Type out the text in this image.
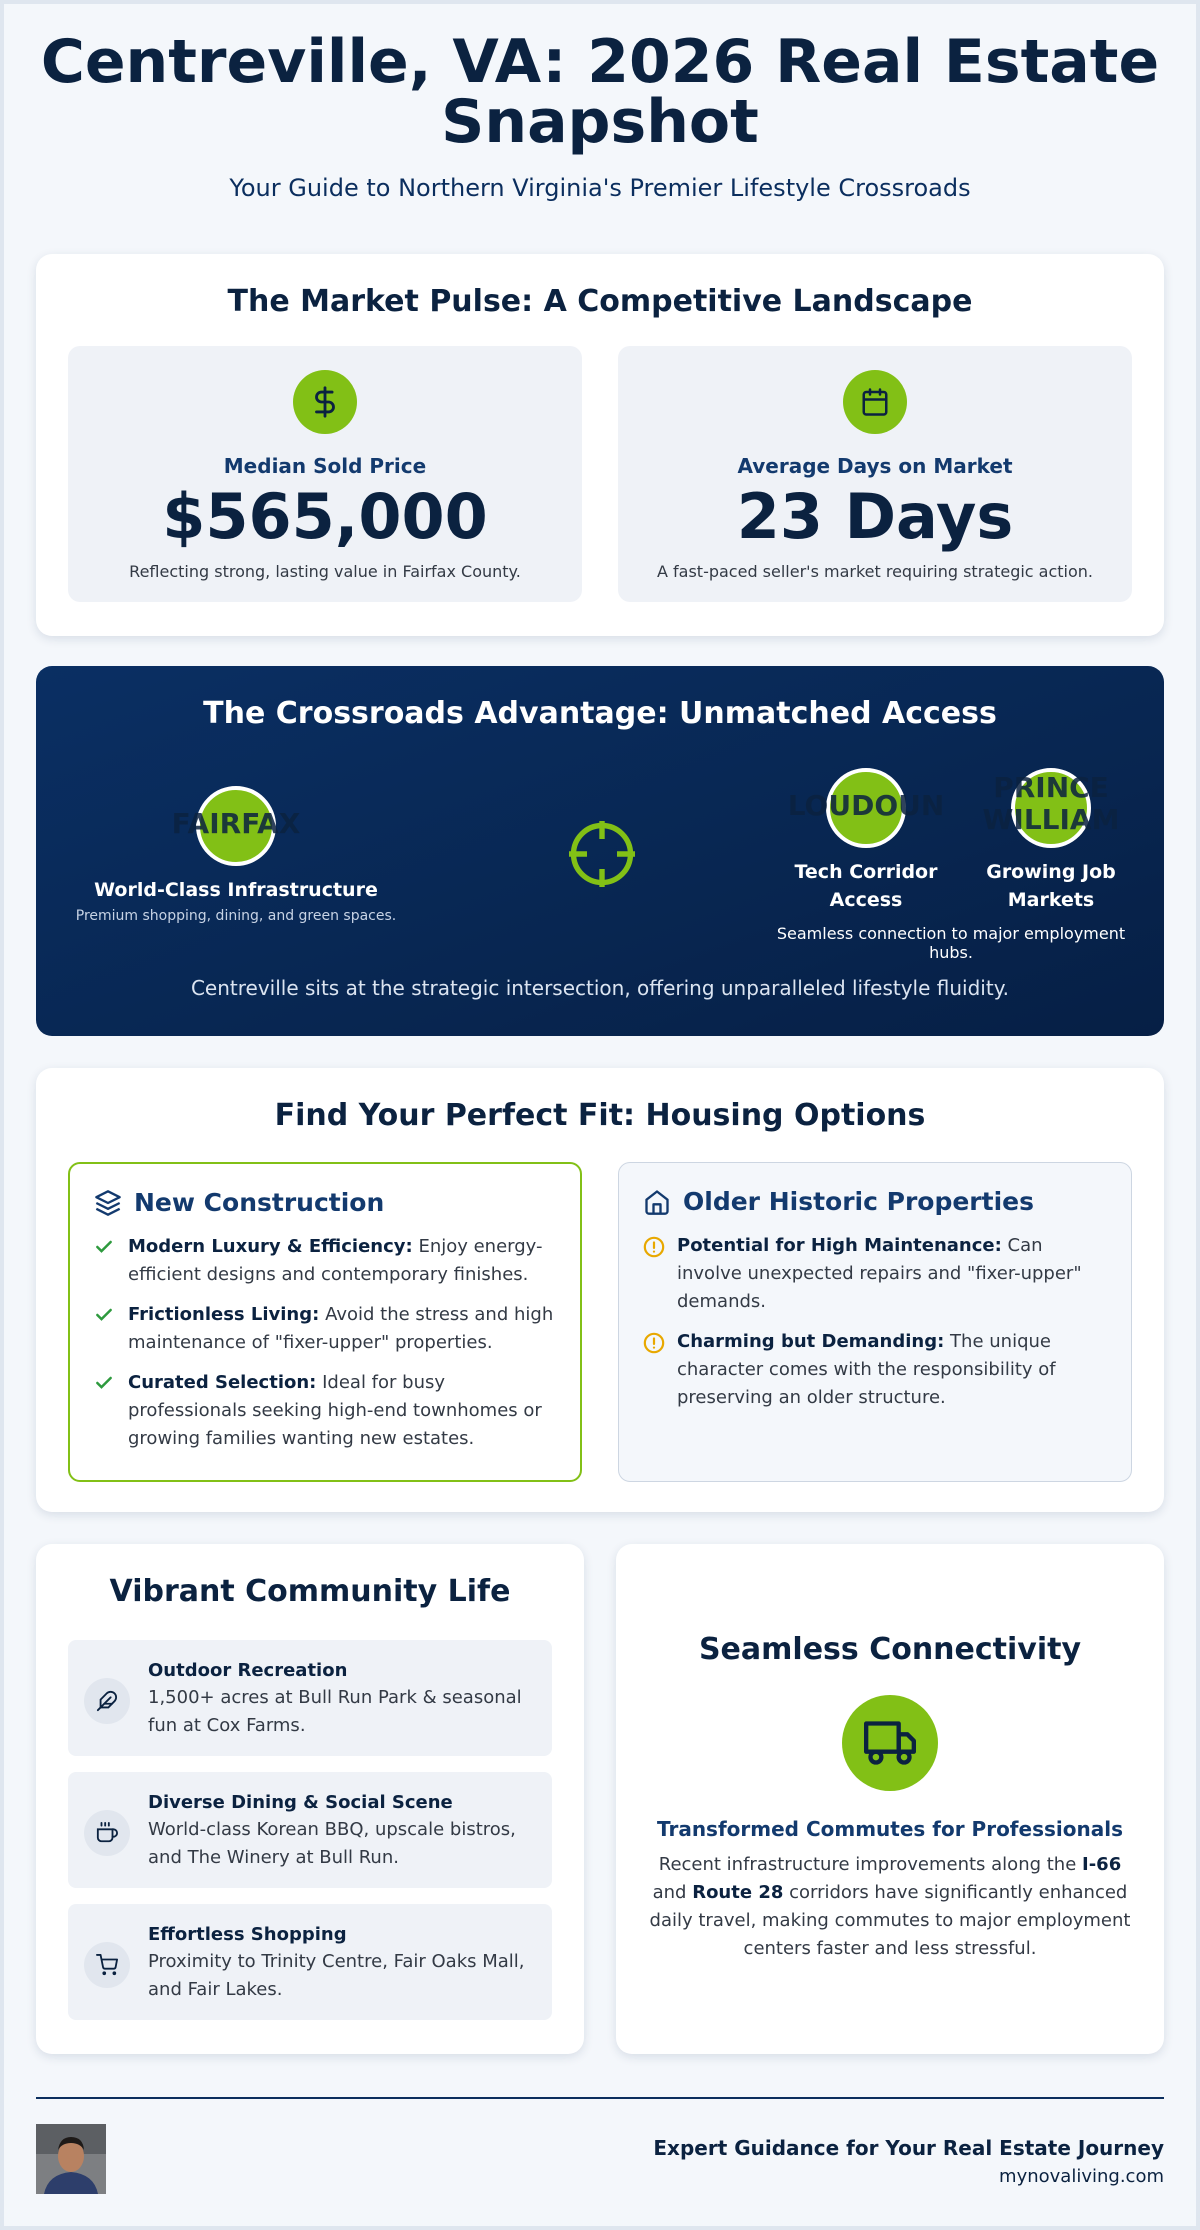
Centreville, VA: 2026 Real Estate Snapshot
Your Guide to Northern Virginia's Premier Lifestyle Crossroads
The Market Pulse: A Competitive Landscape
Median Sold Price
$565,000
Reflecting strong, lasting value in Fairfax County.
Average Days on Market
23 Days
A fast-paced seller's market requiring strategic action.
The Crossroads Advantage: Unmatched Access
FAIRFAX
World-Class Infrastructure
Premium shopping, dining, and green spaces.
LOUDOUN
Tech Corridor
Access
PRINCE
WILLIAM
Growing Job
Markets
Seamless connection to major employment hubs.
Centreville sits at the strategic intersection, offering unparalleled lifestyle fluidity.
Find Your Perfect Fit: Housing Options
New Construction
Modern Luxury & Efficiency: Enjoy energy-efficient designs and contemporary finishes.
Frictionless Living: Avoid the stress and high maintenance of "fixer-upper" properties.
Curated Selection: Ideal for busy professionals seeking high-end townhomes or growing families wanting new estates.
Older Historic Properties
Potential for High Maintenance: Can involve unexpected repairs and "fixer-upper" demands.
Charming but Demanding: The unique character comes with the responsibility of preserving an older structure.
Vibrant Community Life
Outdoor Recreation
1,500+ acres at Bull Run Park & seasonal fun at Cox Farms.
Diverse Dining & Social Scene
World-class Korean BBQ, upscale bistros, and The Winery at Bull Run.
Effortless Shopping
Proximity to Trinity Centre, Fair Oaks Mall, and Fair Lakes.
Seamless Connectivity
Transformed Commutes for Professionals
Recent infrastructure improvements along the I-66 and Route 28 corridors have significantly enhanced daily travel, making commutes to major employment centers faster and less stressful.
Expert Guidance for Your Real Estate Journey
mynovaliving.com
